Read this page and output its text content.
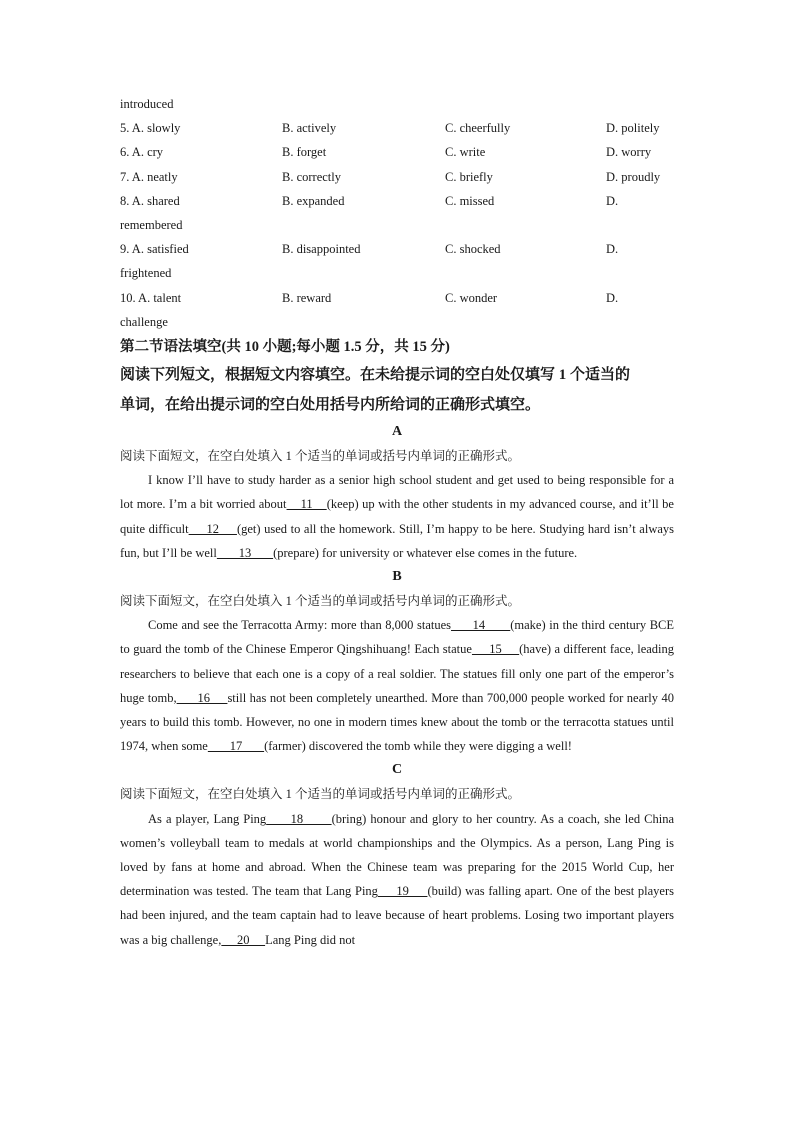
introduced
5. A. slowly	B. actively	C. cheerfully	D. politely
6. A. cry	B. forget	C. write	D. worry
7. A. neatly	B. correctly	C. briefly	D. proudly
8. A. shared	B. expanded	C. missed	D.
remembered
9. A. satisfied	B. disappointed	C. shocked	D.
frightened
10. A. talent	B. reward	C. wonder	D.
challenge
第二节语法填空(共 10 小题;每小题 1.5 分，共 15 分)
阅读下列短文，根据短文内容填空。在未给提示词的空白处仅填写 1 个适当的
单词，在给出提示词的空白处用括号内所给词的正确形式填空。
A
阅读下面短文，在空白处填入 1 个适当的单词或括号内单词的正确形式。

I know I’ll have to study harder as a senior high school student and get used to being responsible for a lot more. I’m a bit worried about    11    (keep) up with the other students in my advanced course, and it’ll be quite difficult     12     (get) used to all the homework. Still, I’m happy to be here. Studying hard isn’t always fun, but I’ll be well       13       (prepare) for university or whatever else comes in the future.

B
阅读下面短文，在空白处填入 1 个适当的单词或括号内单词的正确形式。

Come and see the Terracotta Army: more than 8,000 statues      14       (make) in the third century BCE to guard the tomb of the Chinese Emperor Qingshihuang! Each statue     15     (have) a different face, leading researchers to believe that each one is a copy of a real soldier. The statues fill only one part of the emperor’s huge tomb,      16     still has not been completely unearthed. More than 700,000 people worked for nearly 40 years to build this tomb. However, no one in modern times knew about the tomb or the terracotta statues until 1974, when some       17       (farmer) discovered the tomb while they were digging a well!

C
阅读下面短文，在空白处填入 1 个适当的单词或括号内单词的正确形式。

As a player, Lang Ping      18       (bring) honour and glory to her country. As a coach, she led China women’s volleyball team to medals at world championships and the Olympics. As a person, Lang Ping is loved by fans at home and abroad. When the Chinese team was preparing for the 2015 World Cup, her determination was tested. The team that Lang Ping     19     (build) was falling apart. One of the best players had been injured, and the team captain had to leave because of heart problems. Losing two important players was a big challenge,     20     Lang Ping did not
